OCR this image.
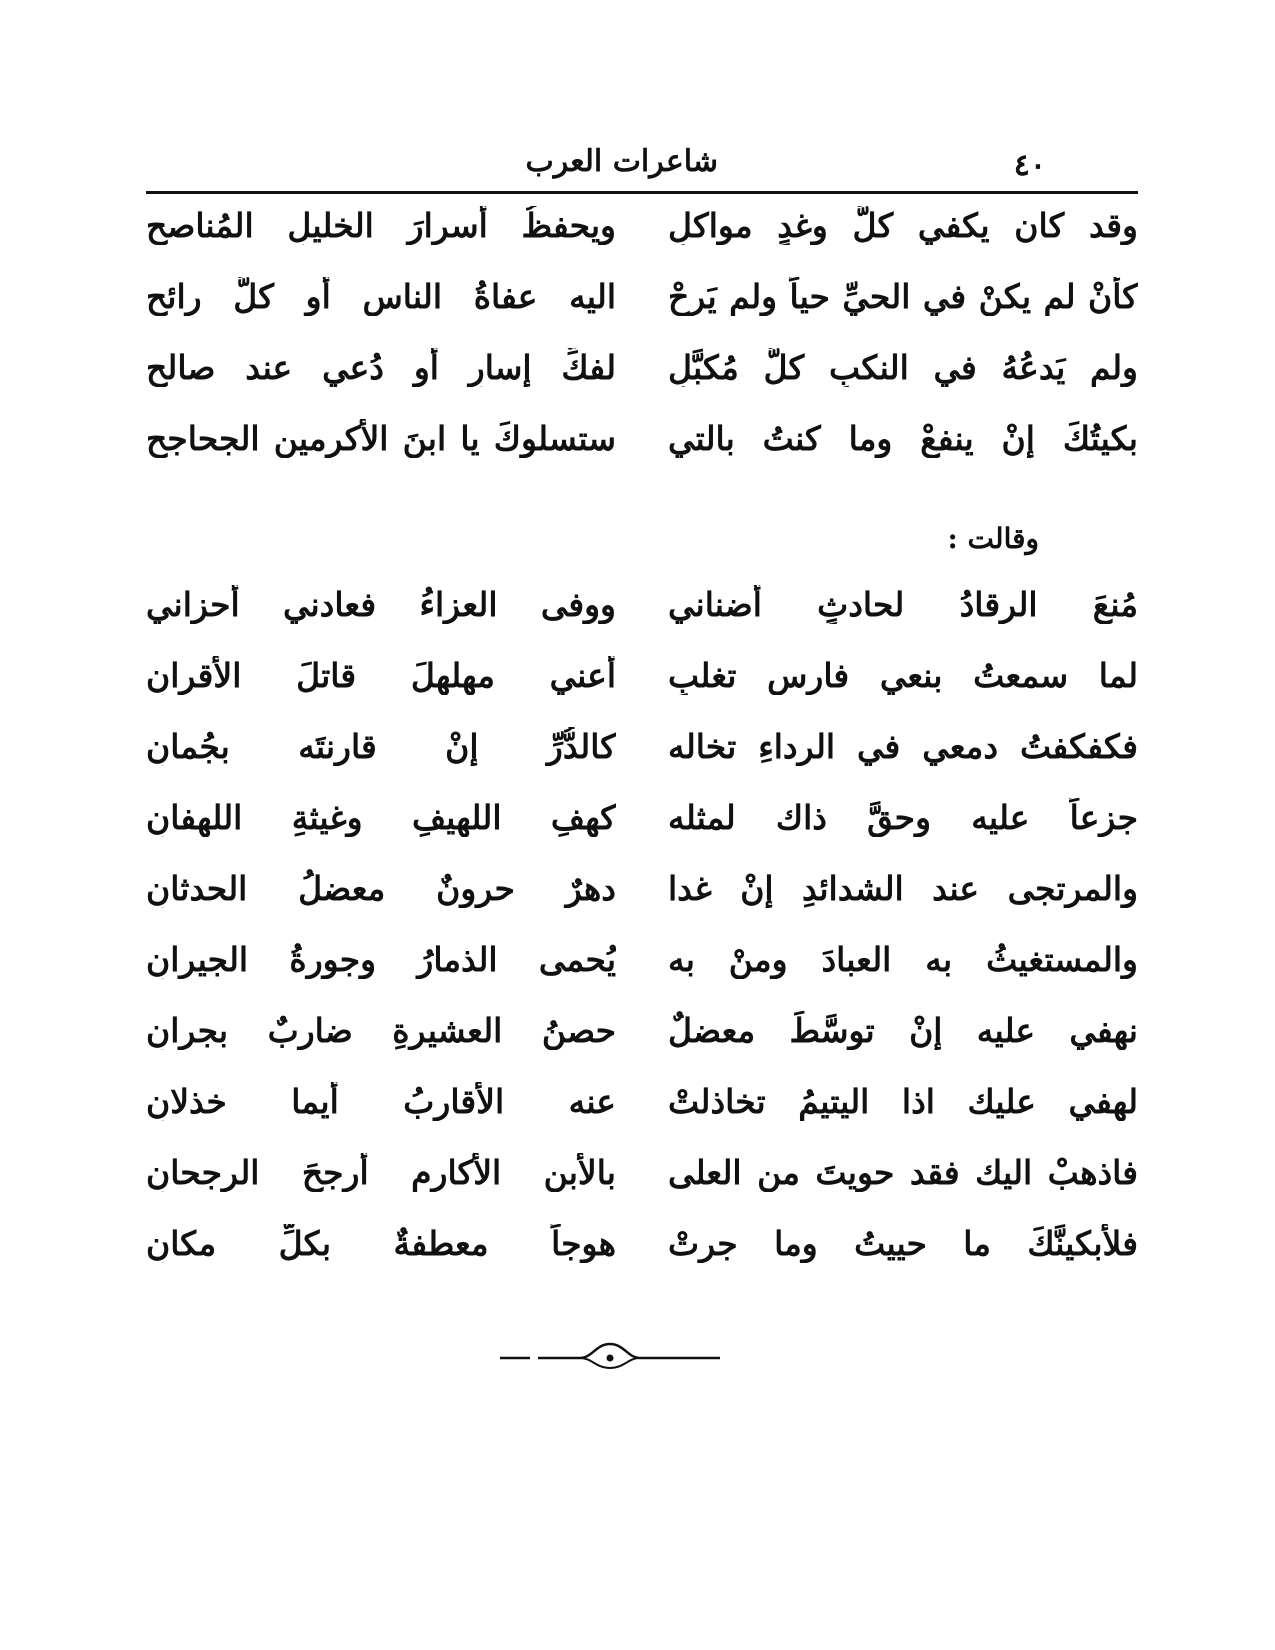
٤٠
شاعرات العرب
وقد كان يكفي كلَّ وغدٍ مواكلٍ
ويحفظُ أسرارَ الخليلِ المُناصحِ
كأنْ لم يكنْ في الحيِّ حياً ولم يَرحْ
اليه عفاةُ الناسِ أو كلُّ رائحِ
ولم يَدعُهُ في النكبِ كلُّ مُكبَّلٍ
لفكِّ إسارٍ أو دُعي عند صالحِ
بكيتُكَ إنْ ينفعْ وما كنتُ بالتي
ستسلوكَ يا ابنَ الأكرمين الجحاجحِ
وقالت :
مُنعَ الرقادُ لحادثٍ أضناني
ووفى العزاءُ فعادني أحزاني
لما سمعتُ بنعي فارسِ تغلبٍ
أعني مهلهلَ قاتلَ الأقرانِ
فكفكفتُ دمعي في الرداءِ تخاله
كالدُّرِّ إنْ قارنتَه بجُمانِ
جزعاً عليه وحقَّ ذاك لمثله
كهفِ اللهيفِ وغيثةِ اللهفانِ
والمرتجى عند الشدائدِ إنْ غدا
دهرٌ حرونٌ معضلُ الحدثانِ
والمستغيثُ به العبادَ ومنْ به
يُحمى الذمارُ وجورةُ الجيرانِ
نهفي عليه إنْ توسَّطَ معضلٌ
حصنُ العشيرةِ ضاربٌ بجرانِ
لهفي عليك اذا اليتيمُ تخاذلتْ
عنه الأقاربُ أيما خذلانِ
فاذهبْ اليك فقد حويتَ من العلى
بالأبنِ الأكارمِ أرجحَ الرجحانِ
فلأبكينَّكَ ما حييتُ وما جرتْ
هوجاً معطفةٌ بكلِّ مكانِ
